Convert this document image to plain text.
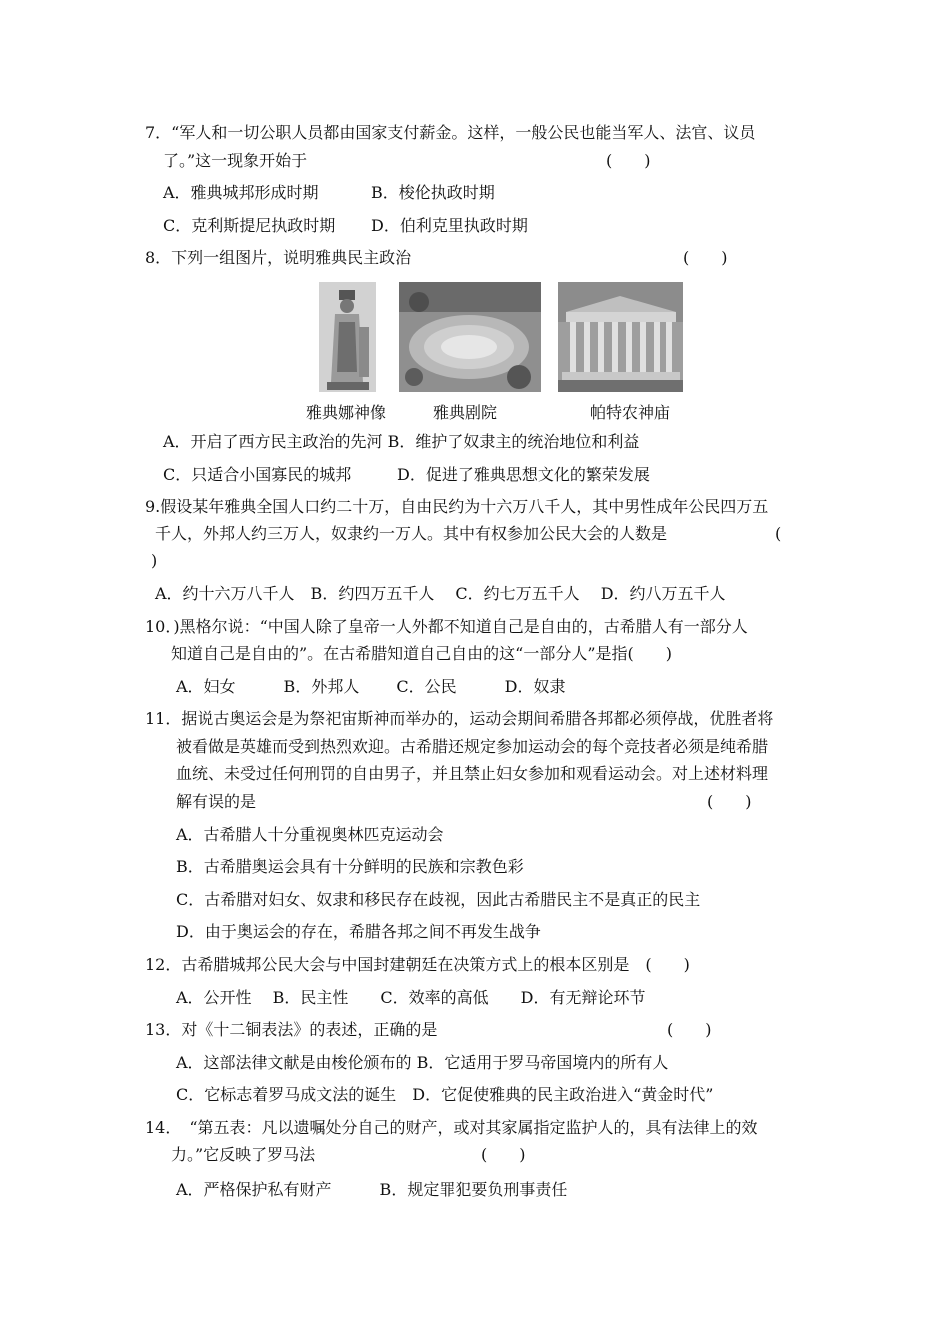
7．“军人和一切公职人员都由国家支付薪金。这样，一般公民也能当军人、法官、议员
了。”这一现象开始于	(　　)
A．雅典城邦形成时期	B．梭伦执政时期
C．克利斯提尼执政时期 D．伯利克里执政时期
8．下列一组图片，说明雅典民主政治	(　　)
雅典娜神像	雅典剧院	帕特农神庙
A．开启了西方民主政治的先河 B．维护了奴隶主的统治地位和利益
C．只适合小国寡民的城邦	D．促进了雅典思想文化的繁荣发展
9.假设某年雅典全国人口约二十万，自由民约为十六万八千人，其中男性成年公民四万五
千人，外邦人约三万人，奴隶约一万人。其中有权参加公民大会的人数是	(
)
A．约十六万八千人　B．约四万五千人　 C．约七万五千人　 D．约八万五千人
10．)黑格尔说：“中国人除了皇帝一人外都不知道自己是自由的，古希腊人有一部分人
知道自己是自由的”。在古希腊知道自己自由的这“一部分人”是指(　　)
A．妇女　　　B．外邦人　　 C．公民　　　D．奴隶
11．据说古奥运会是为祭祀宙斯神而举办的，运动会期间希腊各邦都必须停战，优胜者将
被看做是英雄而受到热烈欢迎。古希腊还规定参加运动会的每个竞技者必须是纯希腊
血统、未受过任何刑罚的自由男子，并且禁止妇女参加和观看运动会。对上述材料理
解有误的是	(　　)
A．古希腊人十分重视奥林匹克运动会
B．古希腊奥运会具有十分鲜明的民族和宗教色彩
C．古希腊对妇女、奴隶和移民存在歧视，因此古希腊民主不是真正的民主
D．由于奥运会的存在，希腊各邦之间不再发生战争
12．古希腊城邦公民大会与中国封建朝廷在决策方式上的根本区别是　(　　)
A．公开性　 B．民主性　　C．效率的高低　　D．有无辩论环节
13．对《十二铜表法》的表述，正确的是	(　　)
A．这部法律文献是由梭伦颁布的 B．它适用于罗马帝国境内的所有人
C．它标志着罗马成文法的诞生　D．它促使雅典的民主政治进入“黄金时代”
14．　“第五表：凡以遗嘱处分自己的财产，或对其家属指定监护人的，具有法律上的效
力。”它反映了罗马法	(　　)
A．严格保护私有财产　　　B．规定罪犯要负刑事责任
